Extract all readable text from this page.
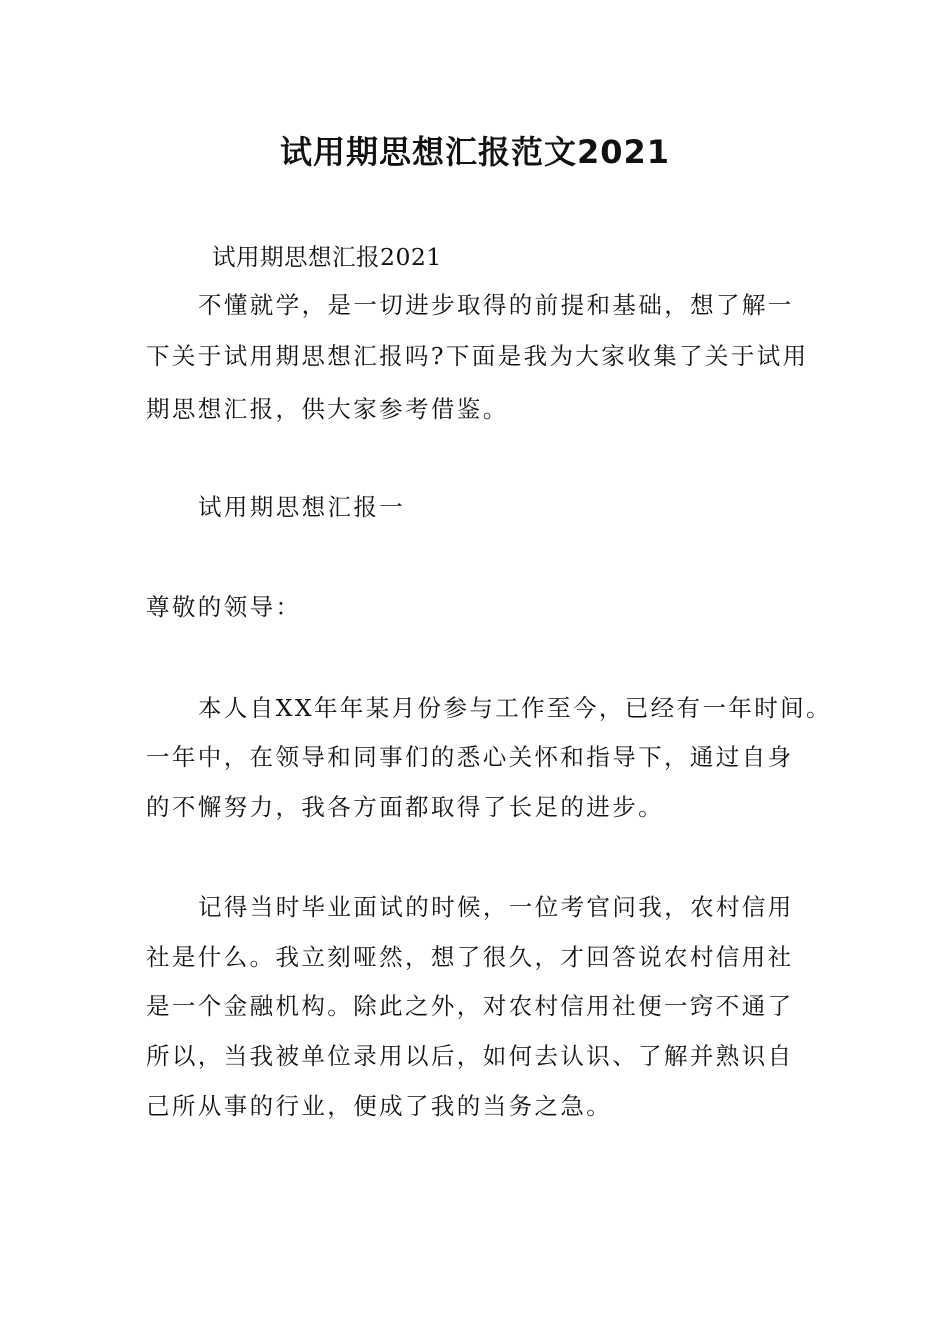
试用期思想汇报范文2021
试用期思想汇报2021
不懂就学，是一切进步取得的前提和基础，想了解一
下关于试用期思想汇报吗?下面是我为大家收集了关于试用
期思想汇报，供大家参考借鉴。
试用期思想汇报一
尊敬的领导：
本人自XX年年某月份参与工作至今，已经有一年时间。
一年中，在领导和同事们的悉心关怀和指导下，通过自身
的不懈努力，我各方面都取得了长足的进步。
记得当时毕业面试的时候，一位考官问我，农村信用
社是什么。我立刻哑然，想了很久，才回答说农村信用社
是一个金融机构。除此之外，对农村信用社便一窍不通了
所以，当我被单位录用以后，如何去认识、了解并熟识自
己所从事的行业，便成了我的当务之急。
